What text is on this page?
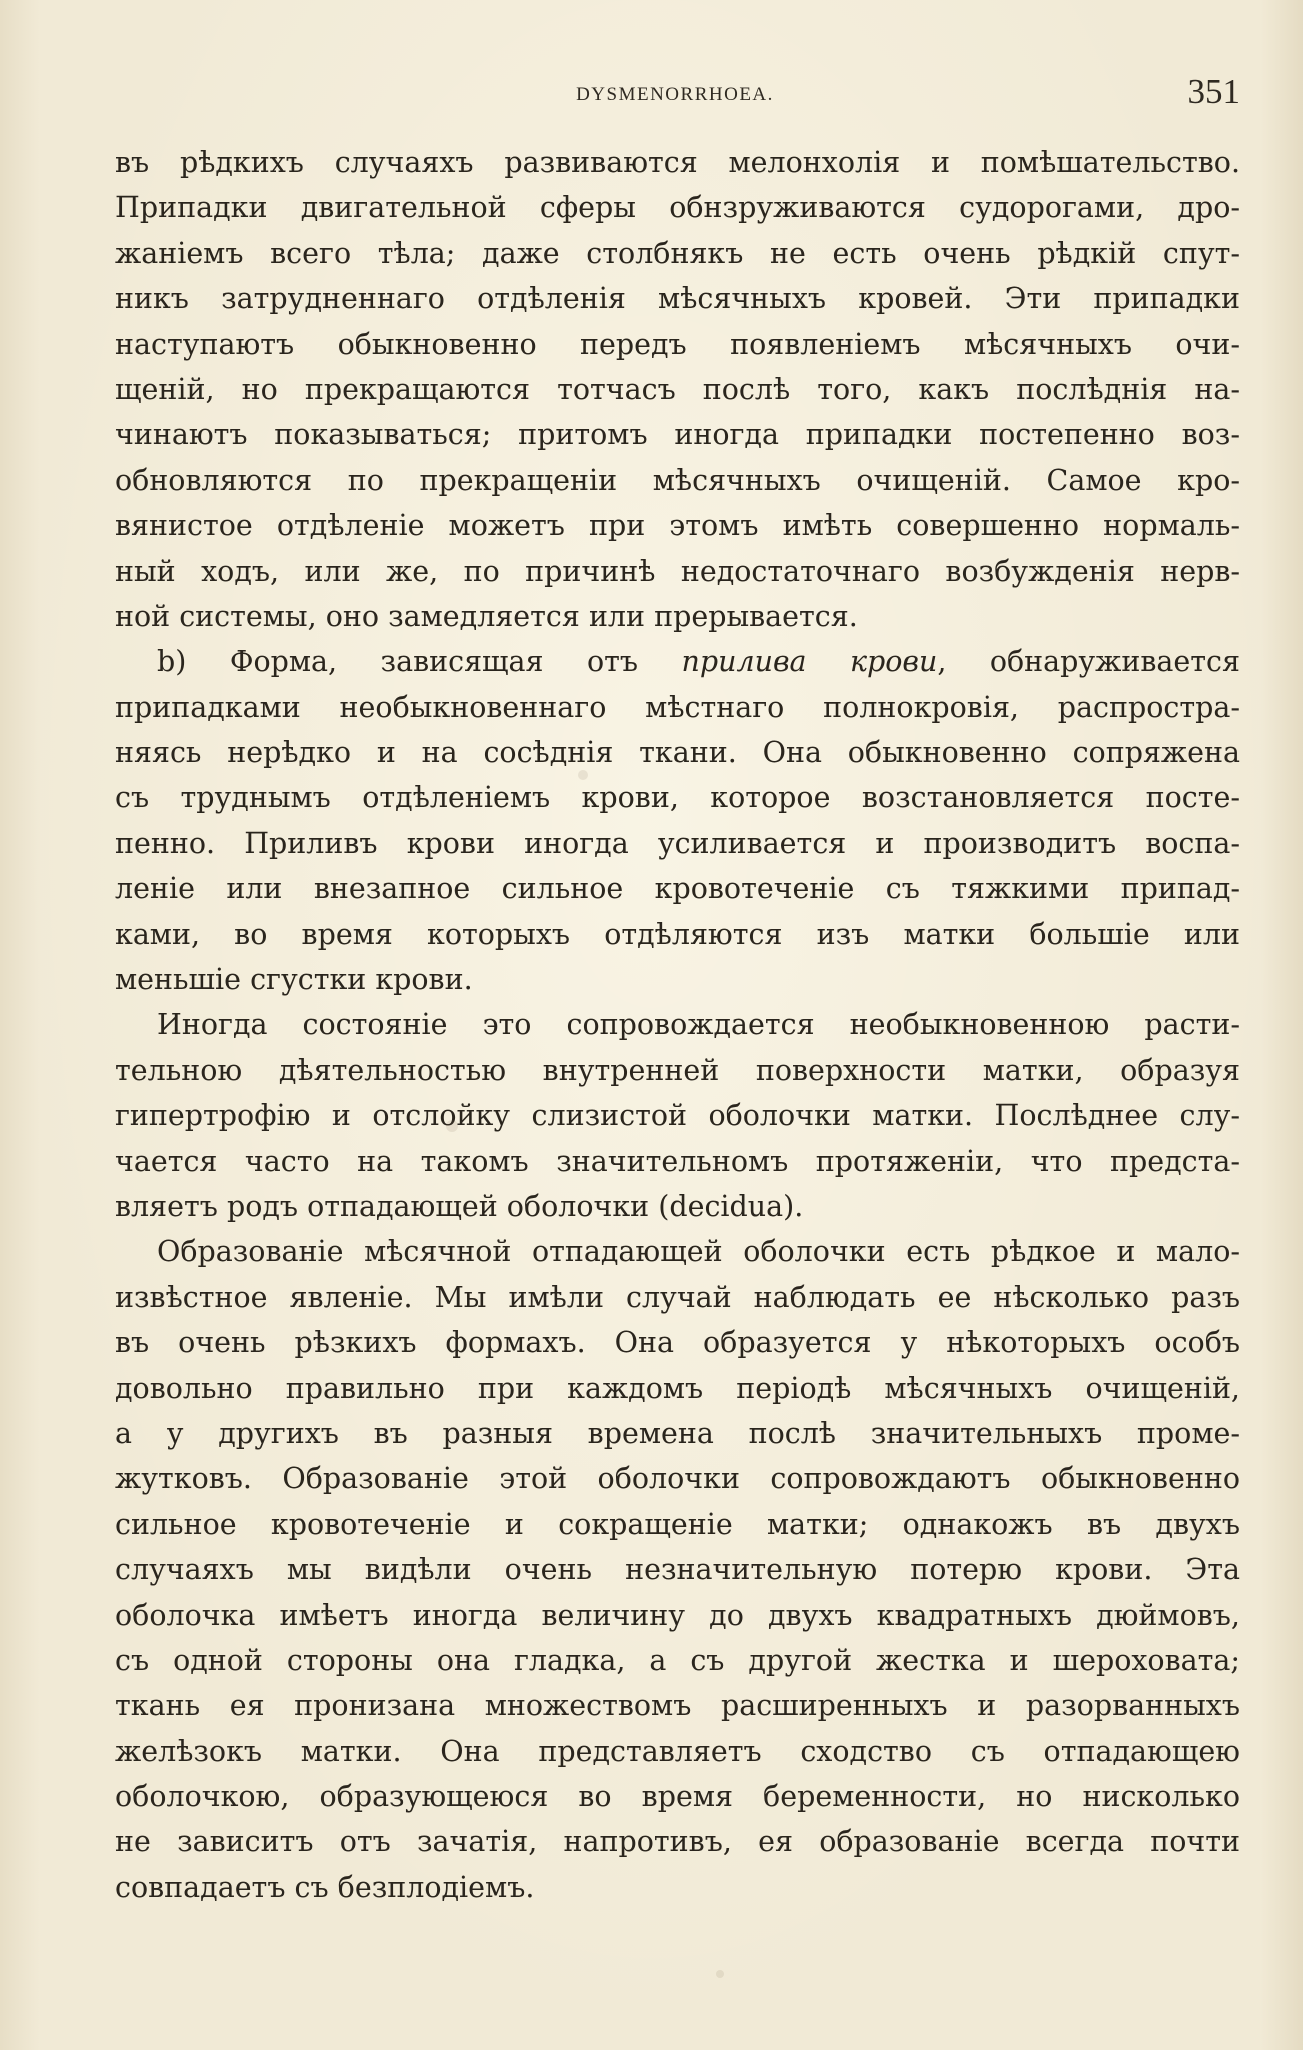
DYSMENORRHOEA.	351
въ рѣдкихъ случаяхъ развиваются мелонхолія и помѣшательство.
Припадки двигательной сферы обнзруживаются судорогами, дро-
жаніемъ всего тѣла; даже столбнякъ не есть очень рѣдкій спут-
никъ затрудненнаго отдѣленія мѣсячныхъ кровей. Эти припадки
наступаютъ обыкновенно передъ появленіемъ мѣсячныхъ очи-
щеній, но прекращаются тотчасъ послѣ того, какъ послѣднія на-
чинаютъ показываться; притомъ иногда припадки постепенно воз-
обновляются по прекращеніи мѣсячныхъ очищеній. Самое кро-
вянистое отдѣленіе можетъ при этомъ имѣть совершенно нормаль-
ный ходъ, или же, по причинѣ недостаточнаго возбужденія нерв-
ной системы, оно замедляется или прерывается.
b) Форма, зависящая отъ прилива крови, обнаруживается
припадками необыкновеннаго мѣстнаго полнокровія, распростра-
няясь нерѣдко и на сосѣднія ткани. Она обыкновенно сопряжена
съ труднымъ отдѣленіемъ крови, которое возстановляется посте-
пенно. Приливъ крови иногда усиливается и производитъ воспа-
леніе или внезапное сильное кровотеченіе съ тяжкими припад-
ками, во время которыхъ отдѣляются изъ матки большіе или
меньшіе сгустки крови.
Иногда состояніе это сопровождается необыкновенною расти-
тельною дѣятельностью внутренней поверхности матки, образуя
гипертрофію и отслойку слизистой оболочки матки. Послѣднее слу-
чается часто на такомъ значительномъ протяженіи, что предста-
вляетъ родъ отпадающей оболочки (decidua).
Образованіе мѣсячной отпадающей оболочки есть рѣдкое и мало-
извѣстное явленіе. Мы имѣли случай наблюдать ее нѣсколько разъ
въ очень рѣзкихъ формахъ. Она образуется у нѣкоторыхъ особъ
довольно правильно при каждомъ періодѣ мѣсячныхъ очищеній,
а у другихъ въ разныя времена послѣ значительныхъ проме-
жутковъ. Образованіе этой оболочки сопровождаютъ обыкновенно
сильное кровотеченіе и сокращеніе матки; однакожъ въ двухъ
случаяхъ мы видѣли очень незначительную потерю крови. Эта
оболочка имѣетъ иногда величину до двухъ квадратныхъ дюймовъ,
съ одной стороны она гладка, а съ другой жестка и шероховата;
ткань ея пронизана множествомъ расширенныхъ и разорванныхъ
желѣзокъ матки. Она представляетъ сходство съ отпадающею
оболочкою, образующеюся во время беременности, но нисколько
не зависитъ отъ зачатія, напротивъ, ея образованіе всегда почти
совпадаетъ съ безплодіемъ.
